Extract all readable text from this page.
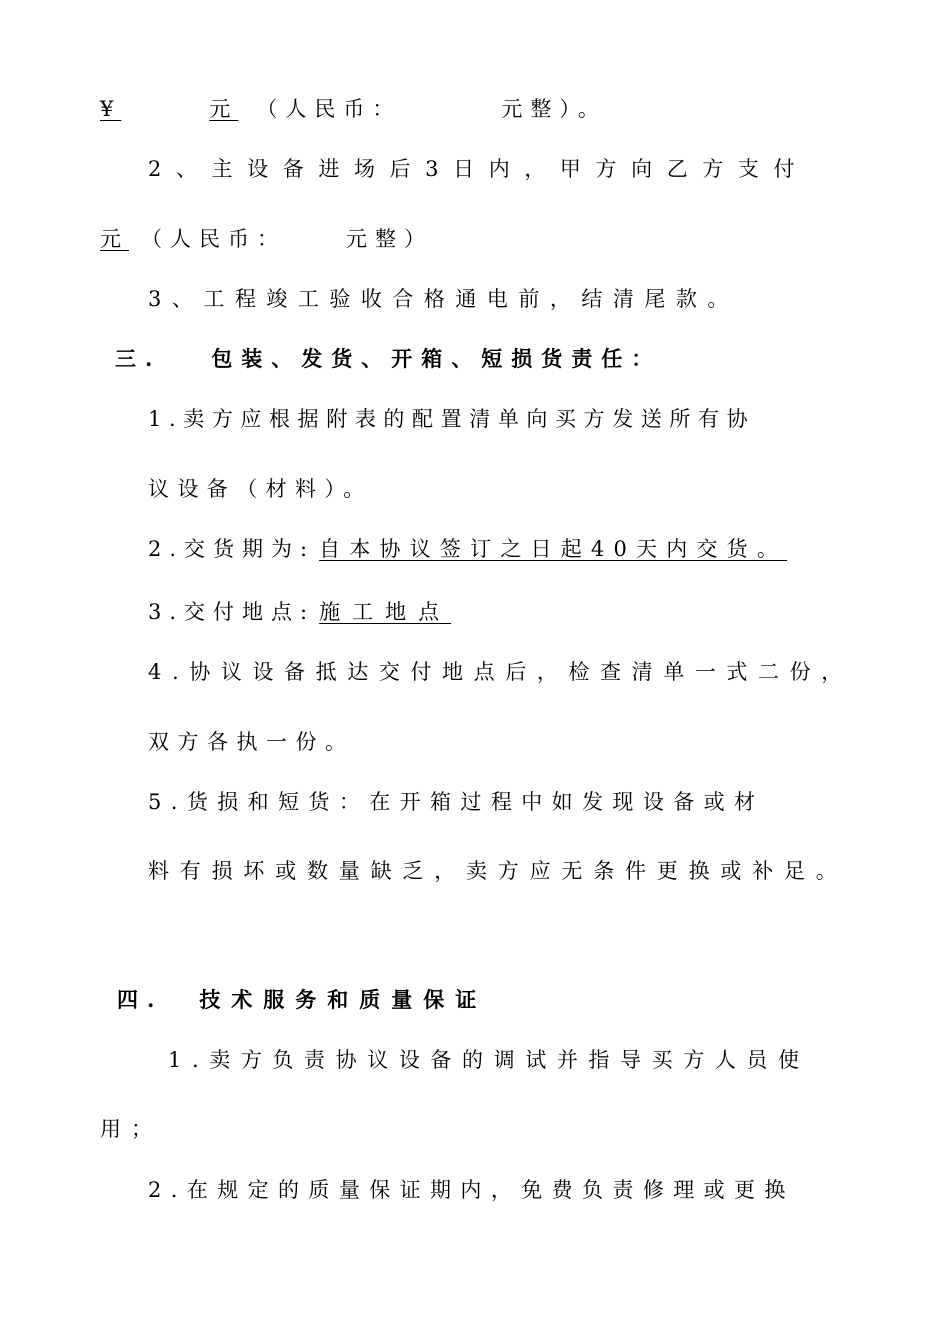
¥	元 （人民币：	元整）。
2、主设备进场后3日内，甲方向乙方支付
元 （人民币：	元整）
3、工程竣工验收合格通电前，结清尾款。
三. 包装、发货、开箱、短损货责任：
1.卖方应根据附表的配置清单向买方发送所有协
议设备（材料）。
2.交货期为: 自本协议签订之日起40天内交货。
3.交付地点: 施工地点
4.协议设备抵达交付地点后，检查清单一式二份，
双方各执一份。
5.货损和短货：在开箱过程中如发现设备或材
料有损坏或数量缺乏，卖方应无条件更换或补足。
四. 技术服务和质量保证
1.卖方负责协议设备的调试并指导买方人员使
用；
2.在规定的质量保证期内，免费负责修理或更换
